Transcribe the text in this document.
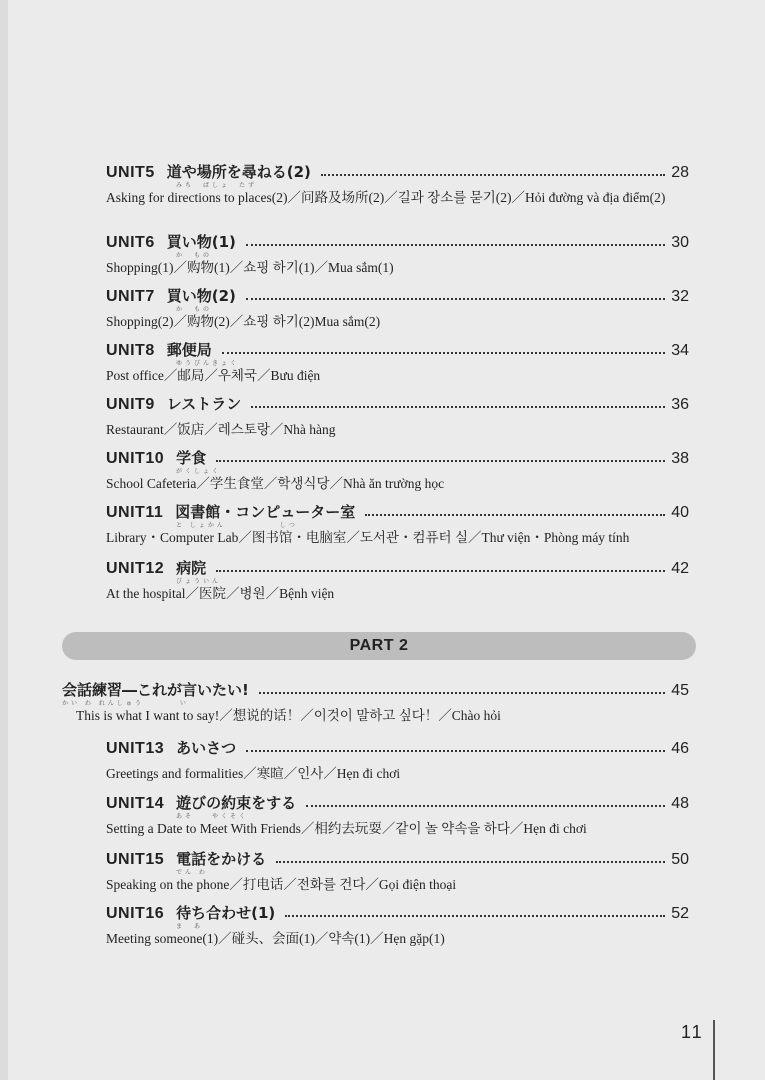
UNIT5 道や場所を尋ねる(2)	28
みち　ばしょ　たず
Asking for directions to places(2)／问路及场所(2)／길과 장소를 묻기(2)／Hỏi đường và địa điểm(2)
UNIT6 買い物(1)	30
か　もの
Shopping(1)／购物(1)／쇼핑 하기(1)／Mua sắm(1)
UNIT7 買い物(2)	32
か　もの
Shopping(2)／购物(2)／쇼핑 하기(2)Mua sắm(2)
UNIT8 郵便局	34
ゆうびんきょく
Post office／邮局／우체국／Bưu điện
UNIT9 レストラン	36
Restaurant／饭店／레스토랑／Nhà hàng
UNIT10 学食	38
がくしょく
School Cafeteria／学生食堂／학생식당／Nhà ăn trường học
UNIT11 図書館・コンピューター室	40
と しょかん　　　　　　しつ
Library・Computer Lab／图书馆・电脑室／도서관・컴퓨터 실／Thư viện・Phòng máy tính
UNIT12 病院	42
びょういん
At the hospital／医院／병원／Bệnh viện
PART 2
会話練習―これが言いたい!	45
かい わ れんしゅう　　　　い
This is what I want to say!／想说的话！／이것이 말하고 싶다！／Chào hỏi
UNIT13 あいさつ	46
Greetings and formalities／寒暄／인사／Hẹn đi chơi
UNIT14 遊びの約束をする	48
あそ　　やくそく
Setting a Date to Meet With Friends／相约去玩耍／같이 놀 약속을 하다／Hẹn đi chơi
UNIT15 電話をかける	50
でん わ
Speaking on the phone／打电话／전화를 건다／Gọi điện thoại
UNIT16 待ち合わせ(1)	52
ま　あ
Meeting someone(1)／碰头、会面(1)／약속(1)／Hẹn gặp(1)
11
